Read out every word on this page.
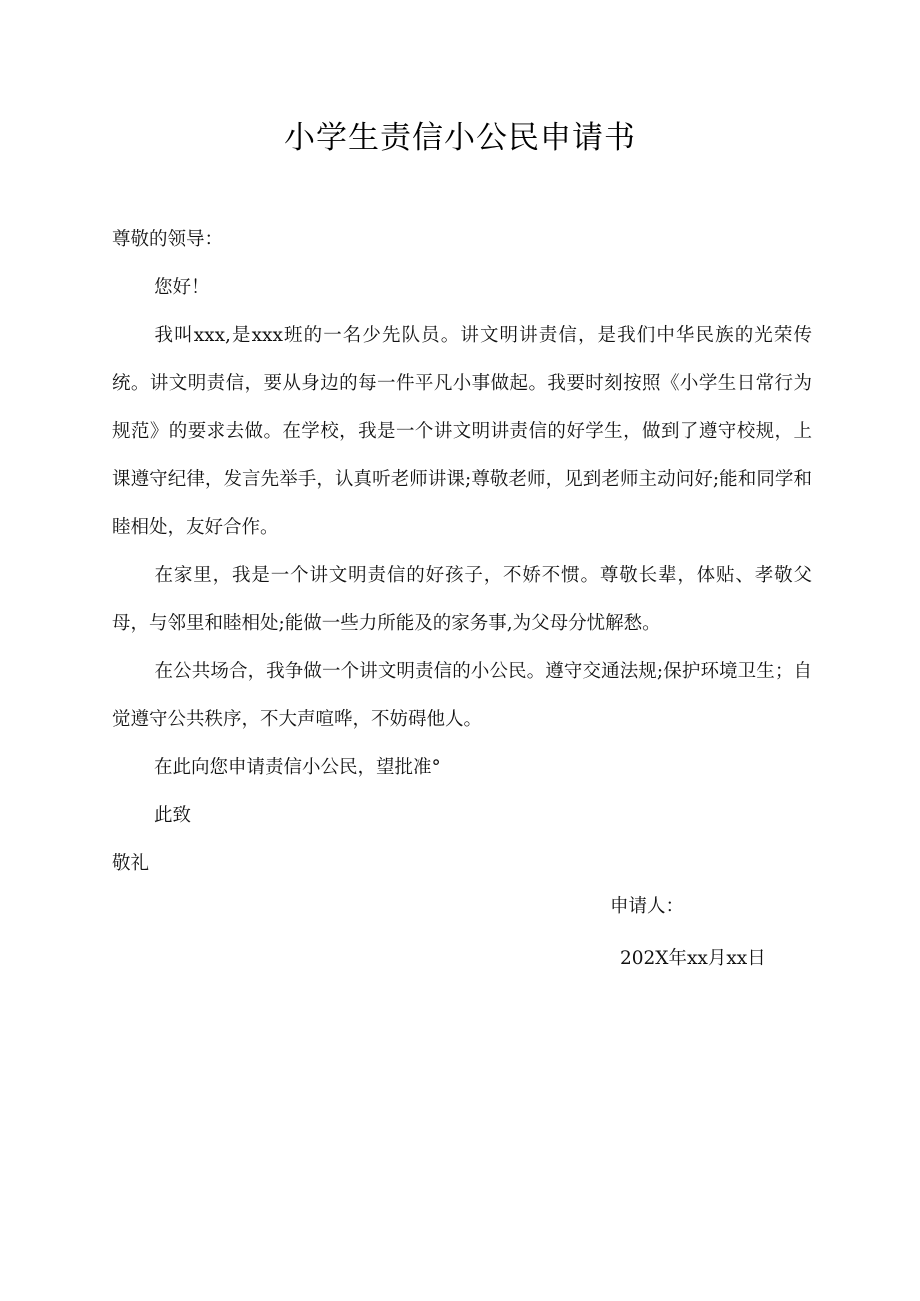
小学生责信小公民申请书

尊敬的领导：

您好！

我叫xxx,是xxx班的一名少先队员。讲文明讲责信，是我们中华民族的光荣传统。讲文明责信，要从身边的每一件平凡小事做起。我要时刻按照《小学生日常行为规范》的要求去做。在学校，我是一个讲文明讲责信的好学生，做到了遵守校规，上课遵守纪律，发言先举手，认真听老师讲课;尊敬老师，见到老师主动问好;能和同学和睦相处，友好合作。

在家里，我是一个讲文明责信的好孩子，不娇不惯。尊敬长辈，体贴、孝敬父母，与邻里和睦相处;能做一些力所能及的家务事,为父母分忧解愁。

在公共场合，我争做一个讲文明责信的小公民。遵守交通法规;保护环境卫生；自觉遵守公共秩序，不大声喧哗，不妨碍他人。

在此向您申请责信小公民，望批准°

此致

敬礼

申请人：
202X年xx月xx日
